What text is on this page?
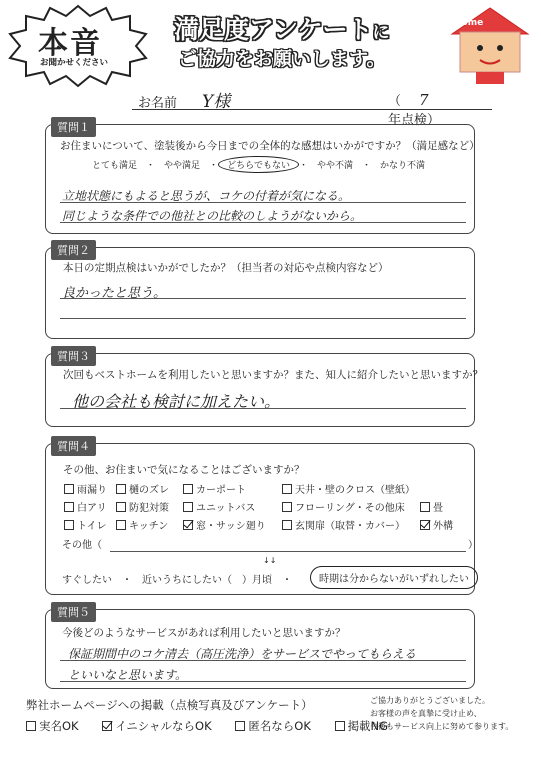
本音
お聞かせください
満足度アンケートに
ご協力をお願いします。
Best
Home
お名前 Y様	（ 7年点検）
質問１
お住まいについて、塗装後から今日までの全体的な感想はいかがですか？（満足感など）
とても満足　・　やや満足　・ どちらでもない ・　やや不満　・　かなり不満
立地状態にもよると思うが、コケの付着が気になる。
同じような条件での他社との比較のしようがないから。
質問２
本日の定期点検はいかがでしたか？（担当者の対応や点検内容など）
良かったと思う。
質問３
次回もベストホームを利用したいと思いますか？また、知人に紹介したいと思いますか？
他の会社も検討に加えたい。
質問４
その他、お住まいで気になることはございますか？
雨漏り	樋のズレ	カーポート	天井・壁のクロス（壁紙）
白アリ	防犯対策	ユニットバス	フローリング・その他床	畳
トイレ	キッチン	窓・サッシ廻り	玄関扉（取替・カバー）	外構
その他（	）
↓↓
すぐしたい　・ 近いうちにしたい（　 ）月頃　・	時期は分からないがいずれしたい
質問５
今後どのようなサービスがあれば利用したいと思いますか？
保証期間中のコケ清去（高圧洗浄）をサービスでやってもらえる
といいなと思います。
弊社ホームページへの掲載（点検写真及びアンケート）
実名OK	イニシャルならOK	匿名ならOK	掲載NG
ご協力ありがとうございました。
お客様の声を真摯に受け止め、
今後もサービス向上に努めて参ります。
